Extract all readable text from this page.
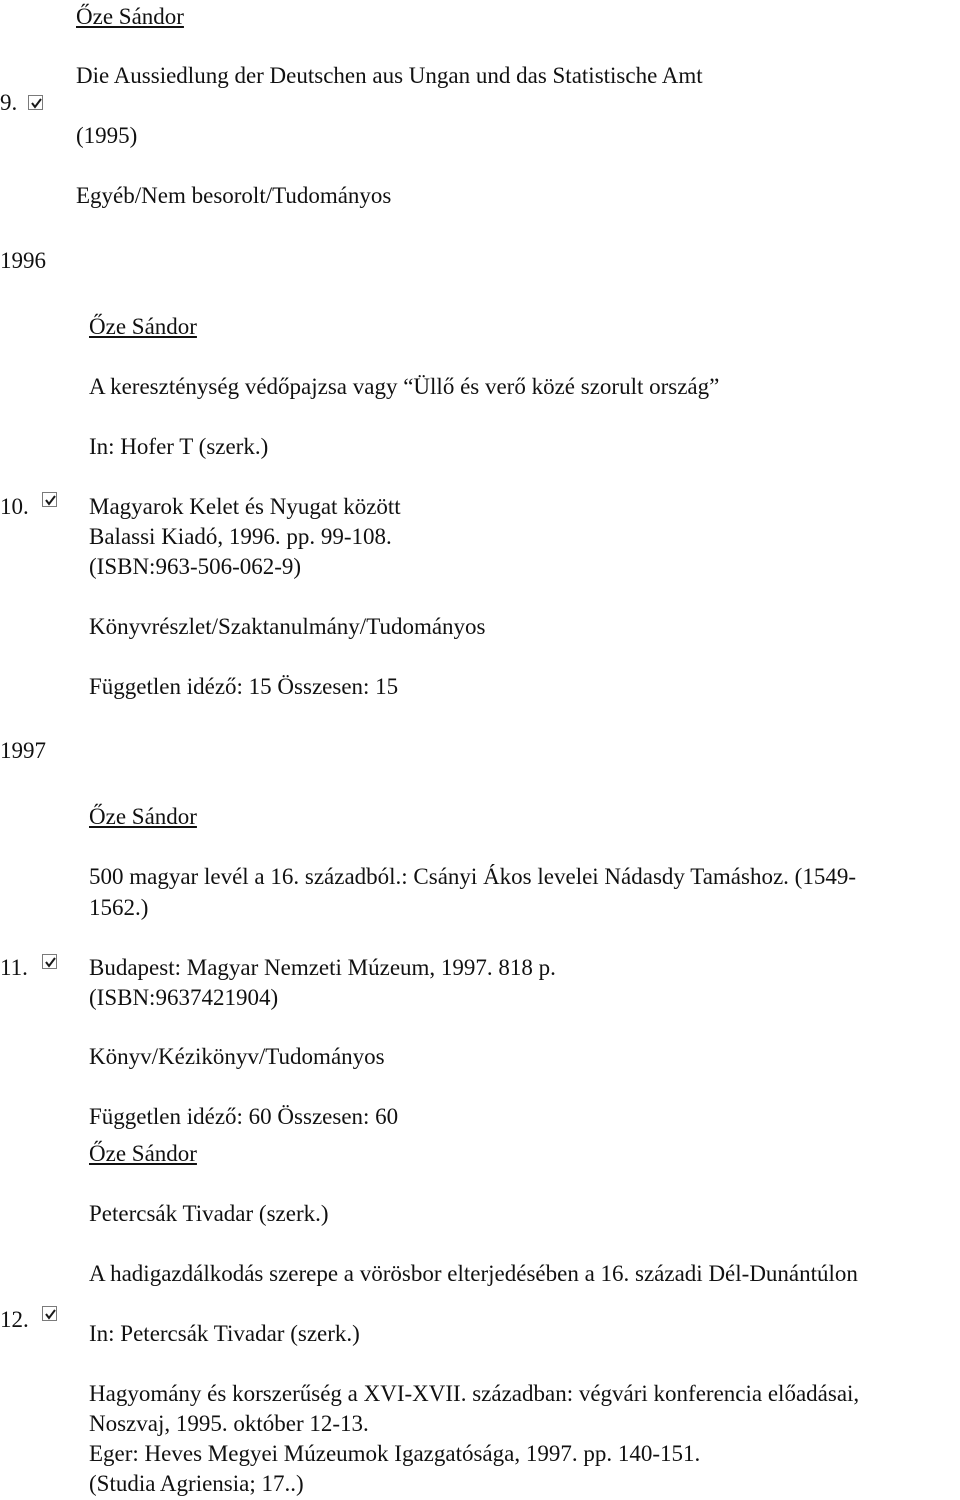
Őze Sándor
Die Aussiedlung der Deutschen aus Ungan und das Statistische Amt
9.
(1995)
Egyéb/Nem besorolt/Tudományos
1996
Őze Sándor
A kereszténység védőpajzsa vagy “Üllő és verő közé szorult ország”
In: Hofer T (szerk.)
10.	Magyarok Kelet és Nyugat között
Balassi Kiadó, 1996. pp. 99-108.
(ISBN:963-506-062-9)
Könyvrészlet/Szaktanulmány/Tudományos
Független idéző: 15 Összesen: 15
1997
Őze Sándor
500 magyar levél a 16. századból.: Csányi Ákos levelei Nádasdy Tamáshoz. (1549-
1562.)
11.	Budapest: Magyar Nemzeti Múzeum, 1997. 818 p.
(ISBN:9637421904)
Könyv/Kézikönyv/Tudományos
Független idéző: 60 Összesen: 60
Őze Sándor
Petercsák Tivadar (szerk.)
A hadigazdálkodás szerepe a vörösbor elterjedésében a 16. századi Dél-Dunántúlon
12.
In: Petercsák Tivadar (szerk.)
Hagyomány és korszerűség a XVI-XVII. században: végvári konferencia előadásai,
Noszvaj, 1995. október 12-13.
Eger: Heves Megyei Múzeumok Igazgatósága, 1997. pp. 140-151.
(Studia Agriensia; 17..)
